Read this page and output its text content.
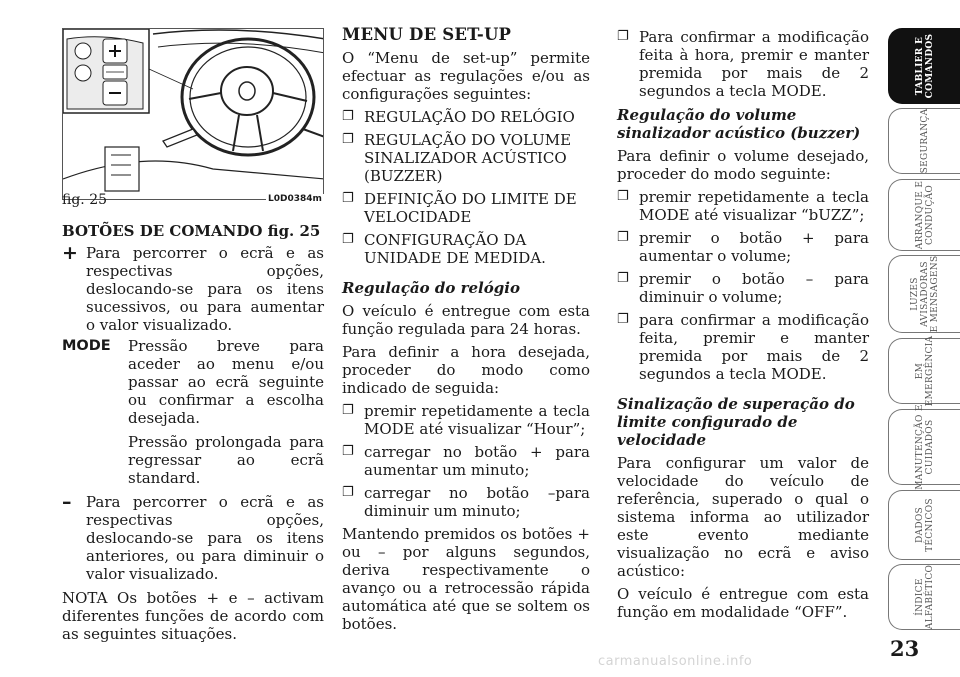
fig. 25	L0D0384m
BOTÕES DE COMANDO fig. 25
+ Para percorrer o ecrã e as respectivas opções, deslocando-se para os itens sucessivos, ou para aumentar o valor visualizado.
MODE	Pressão breve para aceder ao menu e/ou passar ao ecrã seguinte ou confirmar a escolha desejada.
Pressão prolongada para regressar ao ecrã standard.
– Para percorrer o ecrã e as respectivas opções, deslocando-se para os itens anteriores, ou para diminuir o valor visualizado.

NOTA Os botões + e – activam diferentes funções de acordo com as seguintes situações.

MENU DE SET-UP

O “Menu de set-up” permite efectuar as regulações e/ou as configurações seguintes:

❐ REGULAÇÃO DO RELÓGIO
❐ REGULAÇÃO DO VOLUME SINALIZADOR ACÚSTICO (BUZZER)
❐ DEFINIÇÃO DO LIMITE DE VELOCIDADE
❐ CONFIGURAÇÃO DA UNIDADE DE MEDIDA.

Regulação do relógio

O veículo é entregue com esta função regulada para 24 horas.

Para definir a hora desejada, proceder do modo como indicado de seguida:

❐ premir repetidamente a tecla MODE até visualizar “Hour”;
❐ carregar no botão + para aumentar um minuto;
❐ carregar no botão –para diminuir um minuto;

Mantendo premidos os botões + ou – por alguns segundos, deriva respectivamente o avanço ou a retrocessão rápida automática até que se soltem os botões.

❐ Para confirmar a modificação feita à hora, premir e manter premida por mais de 2 segundos a tecla MODE.

Regulação do volume sinalizador acústico (buzzer)

Para definir o volume desejado, proceder do modo seguinte:

❐ premir repetidamente a tecla MODE até visualizar “bUZZ”;
❐ premir o botão + para aumentar o volume;
❐ premir o botão – para diminuir o volume;
❐ para confirmar a modificação feita, premir e manter premida por mais de 2 segundos a tecla MODE.

Sinalização de superação do limite configurado de velocidade

Para configurar um valor de velocidade do veículo de referência, superado o qual o sistema informa ao utilizador este evento mediante visualização no ecrã e aviso acústico:

O veículo é entregue com esta função em modalidade “OFF”.

TABLIER E
COMANDOS
SEGURANÇA
ARRANQUE E
CONDUÇÃO
LUZES
AVISADORAS
E MENSAGENS
EM
EMERGÊNCIA
MANUTENÇÃO E
CUIDADOS
DADOS
TÉCNICOS
ÍNDICE
ALFABÉTICO
23
carmanualsonline.info
